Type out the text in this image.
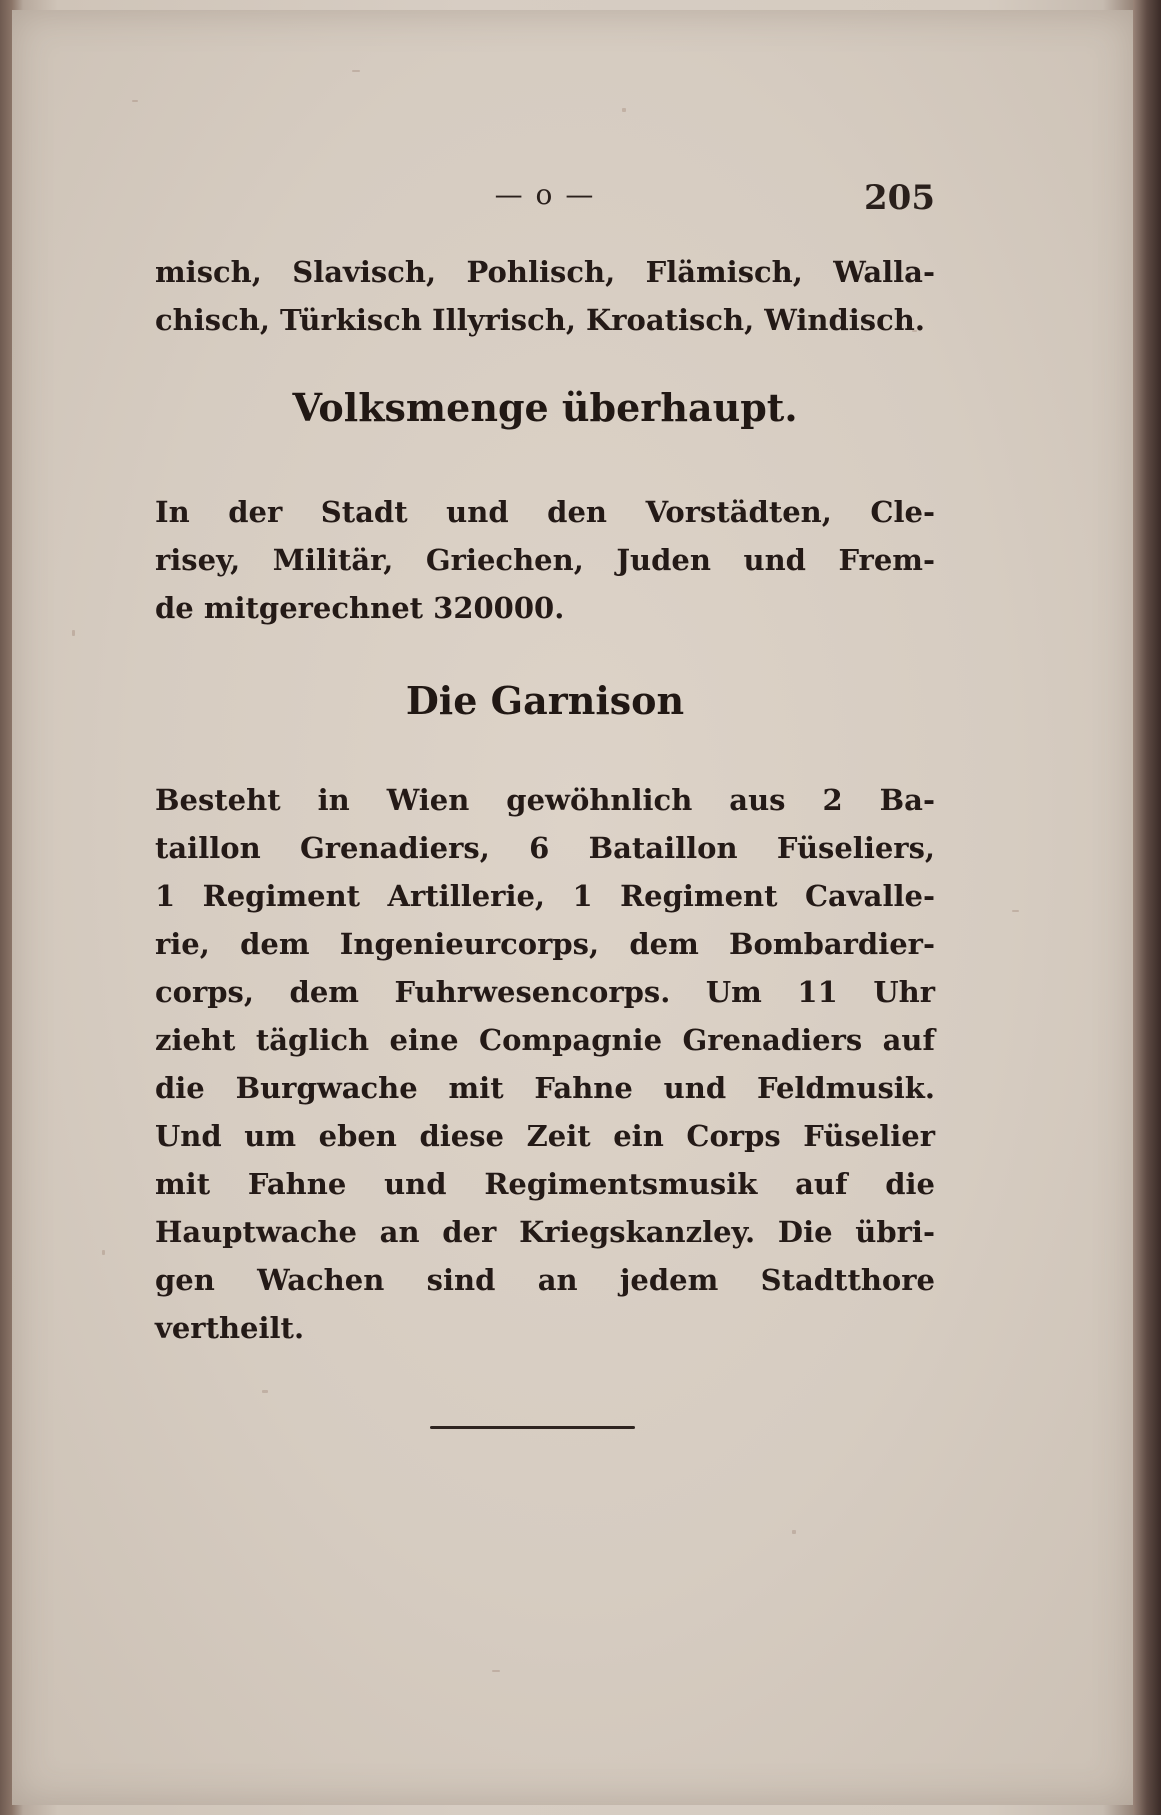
— o —	205
misch, Slavisch, Pohlisch, Flämisch, Walla-
chisch, Türkisch Illyrisch, Kroatisch, Windisch.
Volksmenge überhaupt.
In der Stadt und den Vorstädten, Cle-
risey, Militär, Griechen, Juden und Frem-
de mitgerechnet 320000.
Die Garnison
Besteht in Wien gewöhnlich aus 2 Ba-
taillon Grenadiers, 6 Bataillon Füseliers,
1 Regiment Artillerie, 1 Regiment Cavalle-
rie, dem Ingenieurcorps, dem Bombardier-
corps, dem Fuhrwesencorps. Um 11 Uhr
zieht täglich eine Compagnie Grenadiers auf
die Burgwache mit Fahne und Feldmusik.
Und um eben diese Zeit ein Corps Füselier
mit Fahne und Regimentsmusik auf die
Hauptwache an der Kriegskanzley. Die übri-
gen Wachen sind an jedem Stadtthore
vertheilt.
